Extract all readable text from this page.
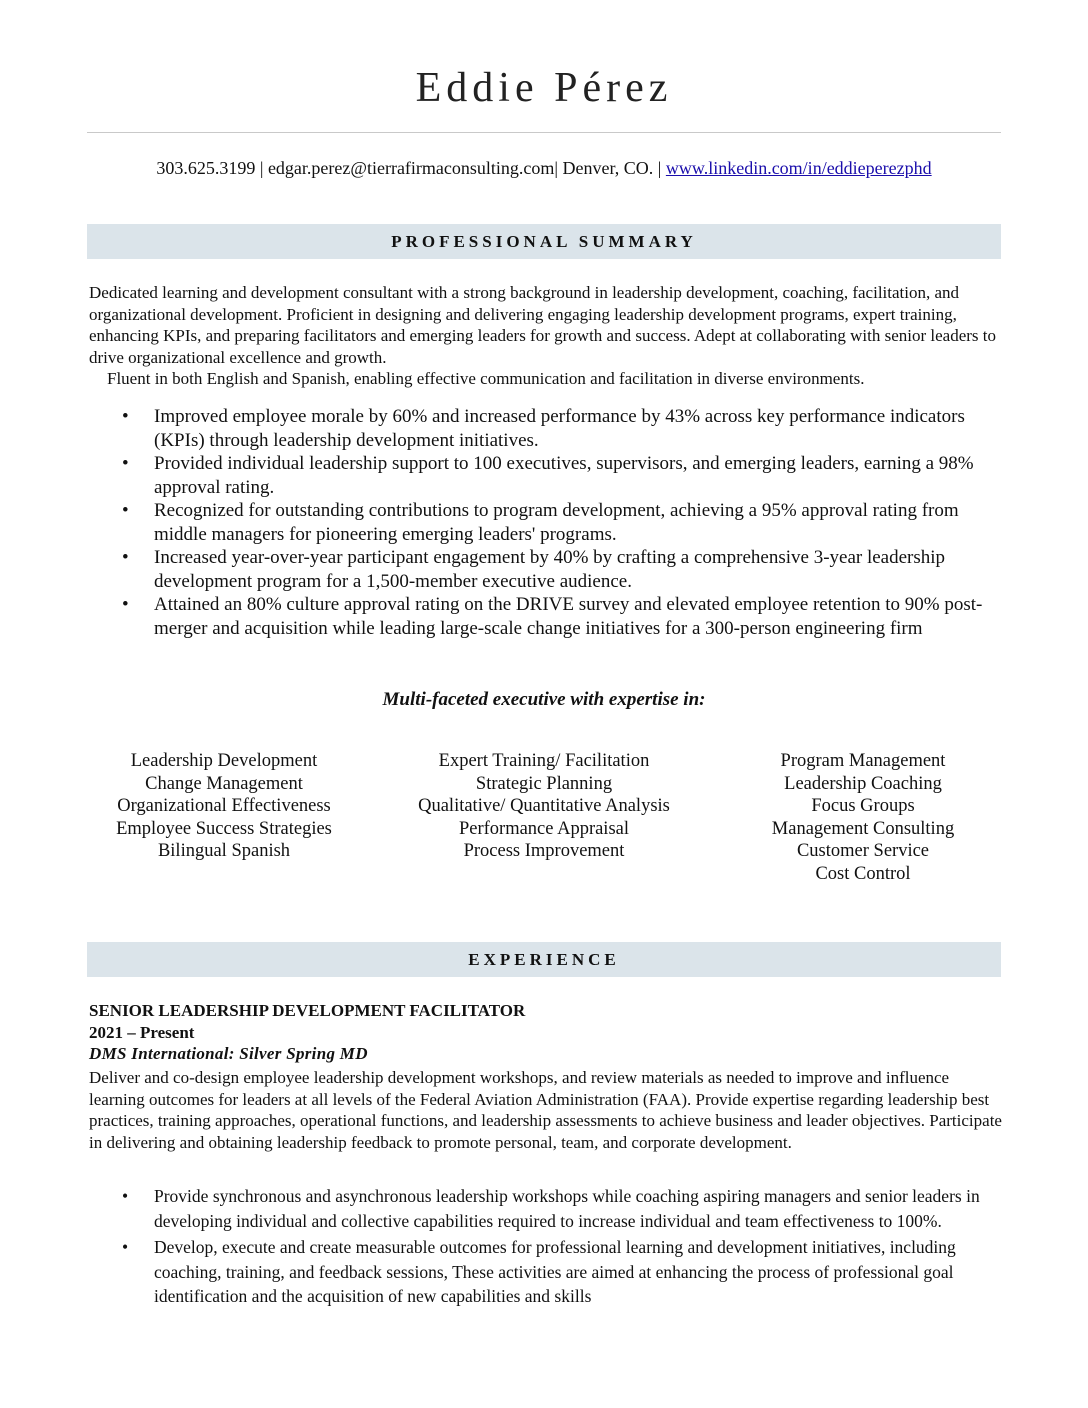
Eddie Pérez
303.625.3199 | edgar.perez@tierrafirmaconsulting.com| Denver, CO. | www.linkedin.com/in/eddieperezphd
PROFESSIONAL SUMMARY
Dedicated learning and development consultant with a strong background in leadership development, coaching, facilitation, and organizational development. Proficient in designing and delivering engaging leadership development programs, expert training, enhancing KPIs, and preparing facilitators and emerging leaders for growth and success. Adept at collaborating with senior leaders to drive organizational excellence and growth.
Fluent in both English and Spanish, enabling effective communication and facilitation in diverse environments.
• Improved employee morale by 60% and increased performance by 43% across key performance indicators (KPIs) through leadership development initiatives.
• Provided individual leadership support to 100 executives, supervisors, and emerging leaders, earning a 98% approval rating.
• Recognized for outstanding contributions to program development, achieving a 95% approval rating from middle managers for pioneering emerging leaders' programs.
• Increased year-over-year participant engagement by 40% by crafting a comprehensive 3-year leadership development program for a 1,500-member executive audience.
• Attained an 80% culture approval rating on the DRIVE survey and elevated employee retention to 90% post-merger and acquisition while leading large-scale change initiatives for a 300-person engineering firm
Multi-faceted executive with expertise in:
Leadership Development
Change Management
Organizational Effectiveness
Employee Success Strategies
Bilingual Spanish
Expert Training/ Facilitation
Strategic Planning
Qualitative/ Quantitative Analysis
Performance Appraisal
Process Improvement
Program Management
Leadership Coaching
Focus Groups
Management Consulting
Customer Service
Cost Control
EXPERIENCE
SENIOR LEADERSHIP DEVELOPMENT FACILITATOR
2021 – Present
DMS International: Silver Spring MD
Deliver and co-design employee leadership development workshops, and review materials as needed to improve and influence learning outcomes for leaders at all levels of the Federal Aviation Administration (FAA). Provide expertise regarding leadership best practices, training approaches, operational functions, and leadership assessments to achieve business and leader objectives. Participate in delivering and obtaining leadership feedback to promote personal, team, and corporate development.
• Provide synchronous and asynchronous leadership workshops while coaching aspiring managers and senior leaders in developing individual and collective capabilities required to increase individual and team effectiveness to 100%.
• Develop, execute and create measurable outcomes for professional learning and development initiatives, including coaching, training, and feedback sessions, These activities are aimed at enhancing the process of professional goal identification and the acquisition of new capabilities and skills
